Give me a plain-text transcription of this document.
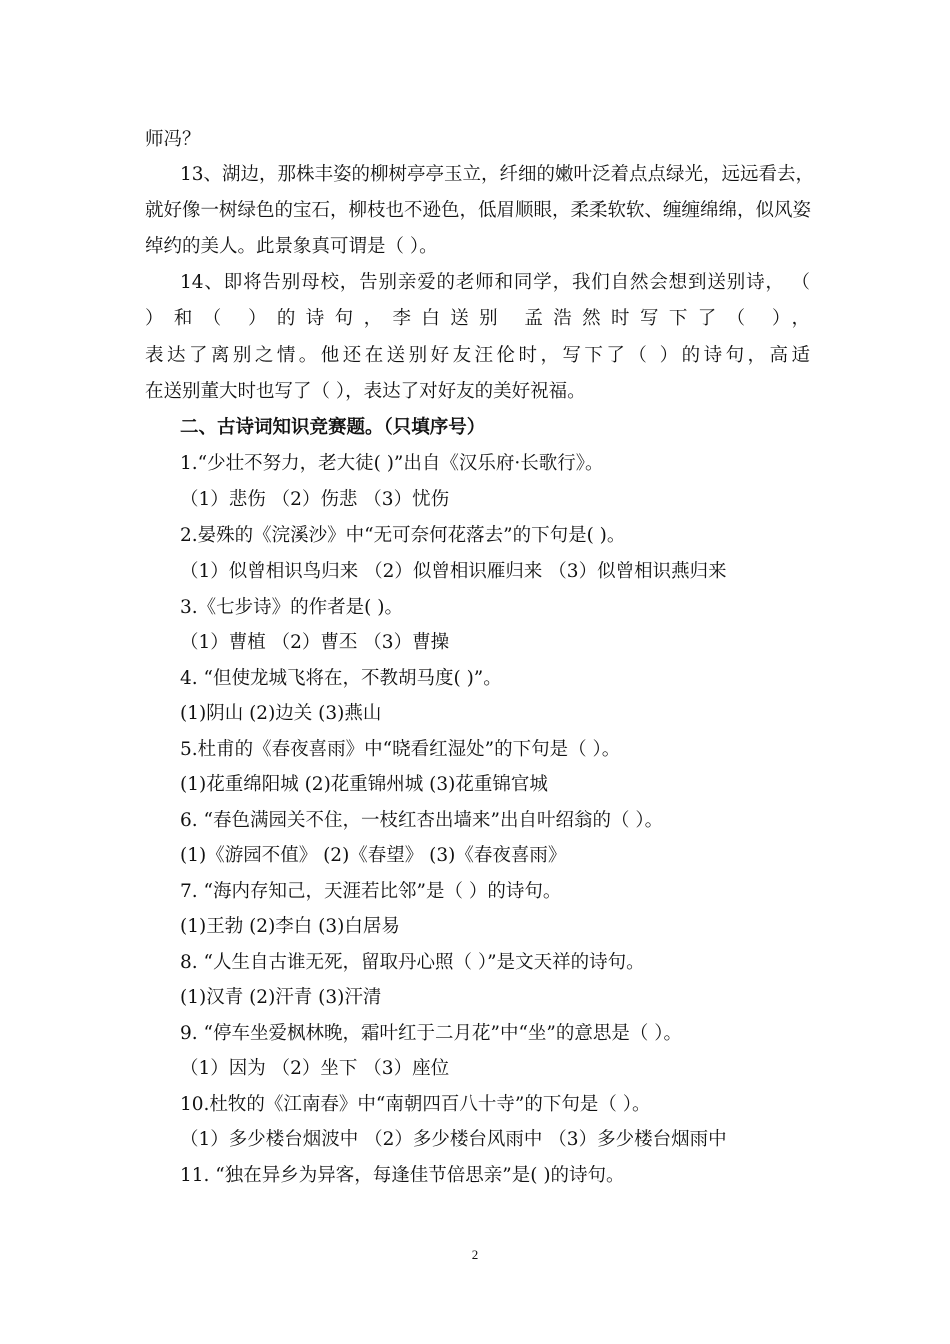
师冯？
13、湖边，那株丰姿的柳树亭亭玉立，纤细的嫩叶泛着点点绿光，远远看去，
就好像一树绿色的宝石，柳枝也不逊色，低眉顺眼，柔柔软软、缠缠绵绵，似风姿
绰约的美人。此景象真可谓是（ ）。
14、即将告别母校，告别亲爱的老师和同学，我们自然会想到送别诗， （
）和（ ）的诗句，李白送别 孟浩然时写下了（ ），
表达了离别之情。他还在送别好友汪伦时，写下了（ ）的诗句，高适
在送别董大时也写了（ ），表达了对好友的美好祝福。
二、古诗词知识竞赛题。（只填序号）
1.“少壮不努力，老大徒( )”出自《汉乐府·长歌行》。
（1）悲伤 （2）伤悲 （3）忧伤
2.晏殊的《浣溪沙》中“无可奈何花落去”的下句是( )。
（1）似曾相识鸟归来 （2）似曾相识雁归来 （3）似曾相识燕归来
3.《七步诗》的作者是( )。
（1）曹植 （2）曹丕 （3）曹操
4. “但使龙城飞将在，不教胡马度( )”。
(1)阴山 (2)边关 (3)燕山
5.杜甫的《春夜喜雨》中“晓看红湿处”的下句是（ ）。
(1)花重绵阳城 (2)花重锦州城 (3)花重锦官城
6. “春色满园关不住，一枝红杏出墙来”出自叶绍翁的（ ）。
(1)《游园不值》 (2)《春望》 (3)《春夜喜雨》
7. “海内存知己，天涯若比邻”是（ ）的诗句。
(1)王勃 (2)李白 (3)白居易
8. “人生自古谁无死，留取丹心照（ ）”是文天祥的诗句。
(1)汉青 (2)汗青 (3)汗清
9. “停车坐爱枫林晚，霜叶红于二月花”中“坐”的意思是（ ）。
（1）因为 （2）坐下 （3）座位
10.杜牧的《江南春》中“南朝四百八十寺”的下句是（ ）。
（1）多少楼台烟波中 （2）多少楼台风雨中 （3）多少楼台烟雨中
11. “独在异乡为异客，每逢佳节倍思亲”是( )的诗句。
2
